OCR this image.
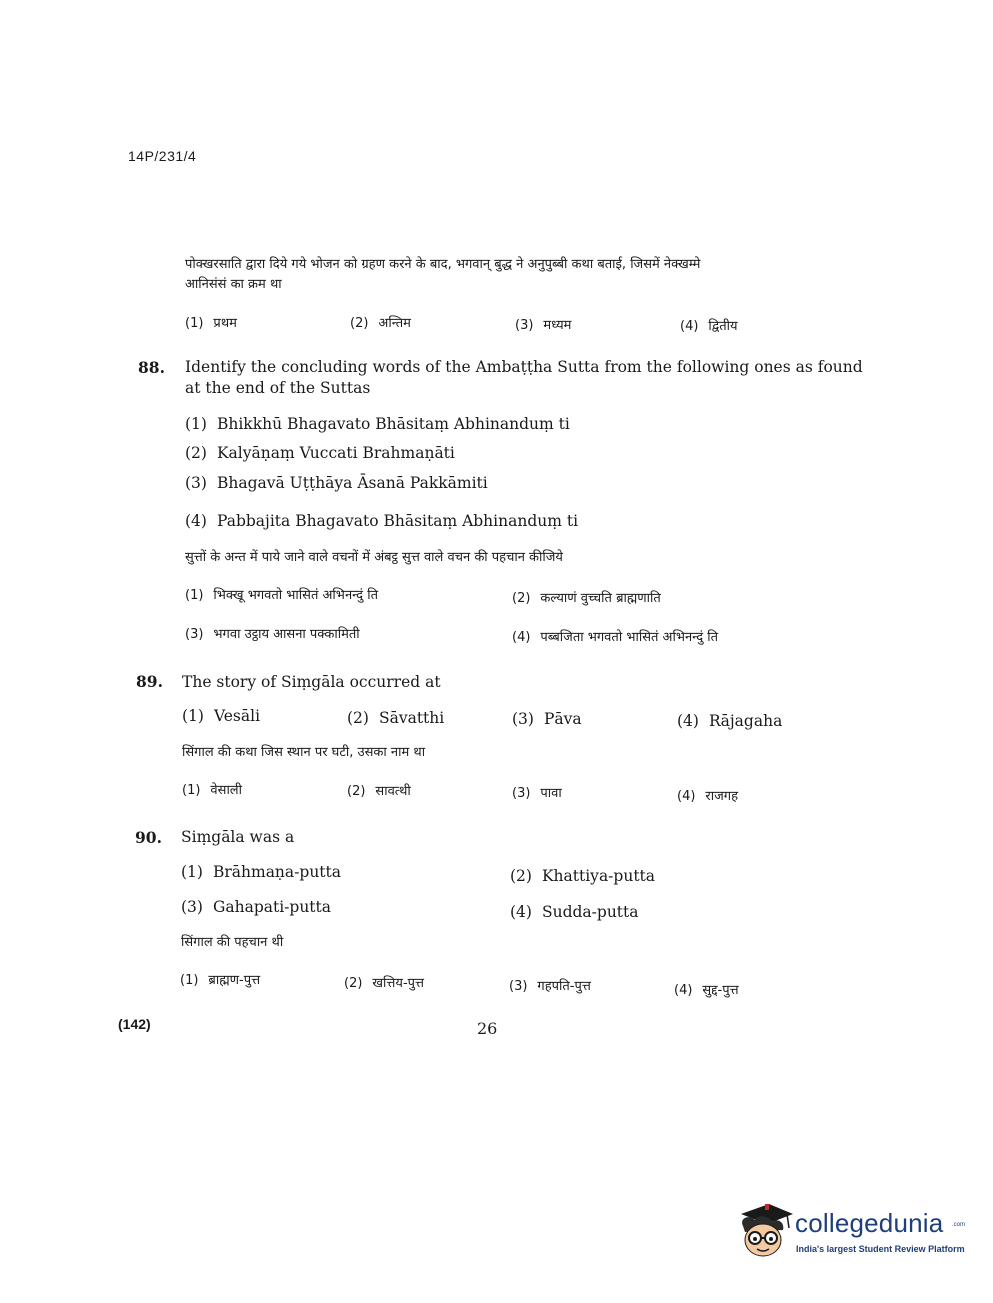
14P/231/4
पोक्खरसाति द्वारा दिये गये भोजन को ग्रहण करने के बाद, भगवान् बुद्ध ने अनुपुब्बी कथा बताई, जिसमें नेक्खम्मे
आनिसंसं का क्रम था
(1) प्रथम	(2) अन्तिम	(3) मध्यम	(4) द्वितीय
88. Identify the concluding words of the Ambaṭṭha Sutta from the following ones as found
at the end of the Suttas
(1) Bhikkhū Bhagavato Bhāsitaṃ Abhinanduṃ ti
(2) Kalyāṇaṃ Vuccati Brahmaṇāti
(3) Bhagavā Uṭṭhāya Āsanā Pakkāmiti
(4) Pabbajita Bhagavato Bhāsitaṃ Abhinanduṃ ti
सुत्तों के अन्त में पाये जाने वाले वचनों में अंबट्ठ सुत्त वाले वचन की पहचान कीजिये
(1) भिक्खू भगवतो भासितं अभिनन्दुं ति	(2) कल्याणं वुच्चति ब्राह्मणाति
(3) भगवा उट्ठाय आसना पक्कामिती	(4) पब्बजिता भगवतो भासितं अभिनन्दुं ति
89. The story of Siṃgāla occurred at
(1) Vesāli	(2) Sāvatthi	(3) Pāva	(4) Rājagaha
सिंगाल की कथा जिस स्थान पर घटी, उसका नाम था
(1) वेसाली	(2) सावत्थी	(3) पावा	(4) राजगह
90. Siṃgāla was a
(1) Brāhmaṇa-putta	(2) Khattiya-putta
(3) Gahapati-putta	(4) Sudda-putta
सिंगाल की पहचान थी
(1) ब्राह्मण-पुत्त	(2) खत्तिय-पुत्त	(3) गहपति-पुत्त	(4) सुद्द-पुत्त
(142)	26
collegedunia .com
India's largest Student Review Platform
